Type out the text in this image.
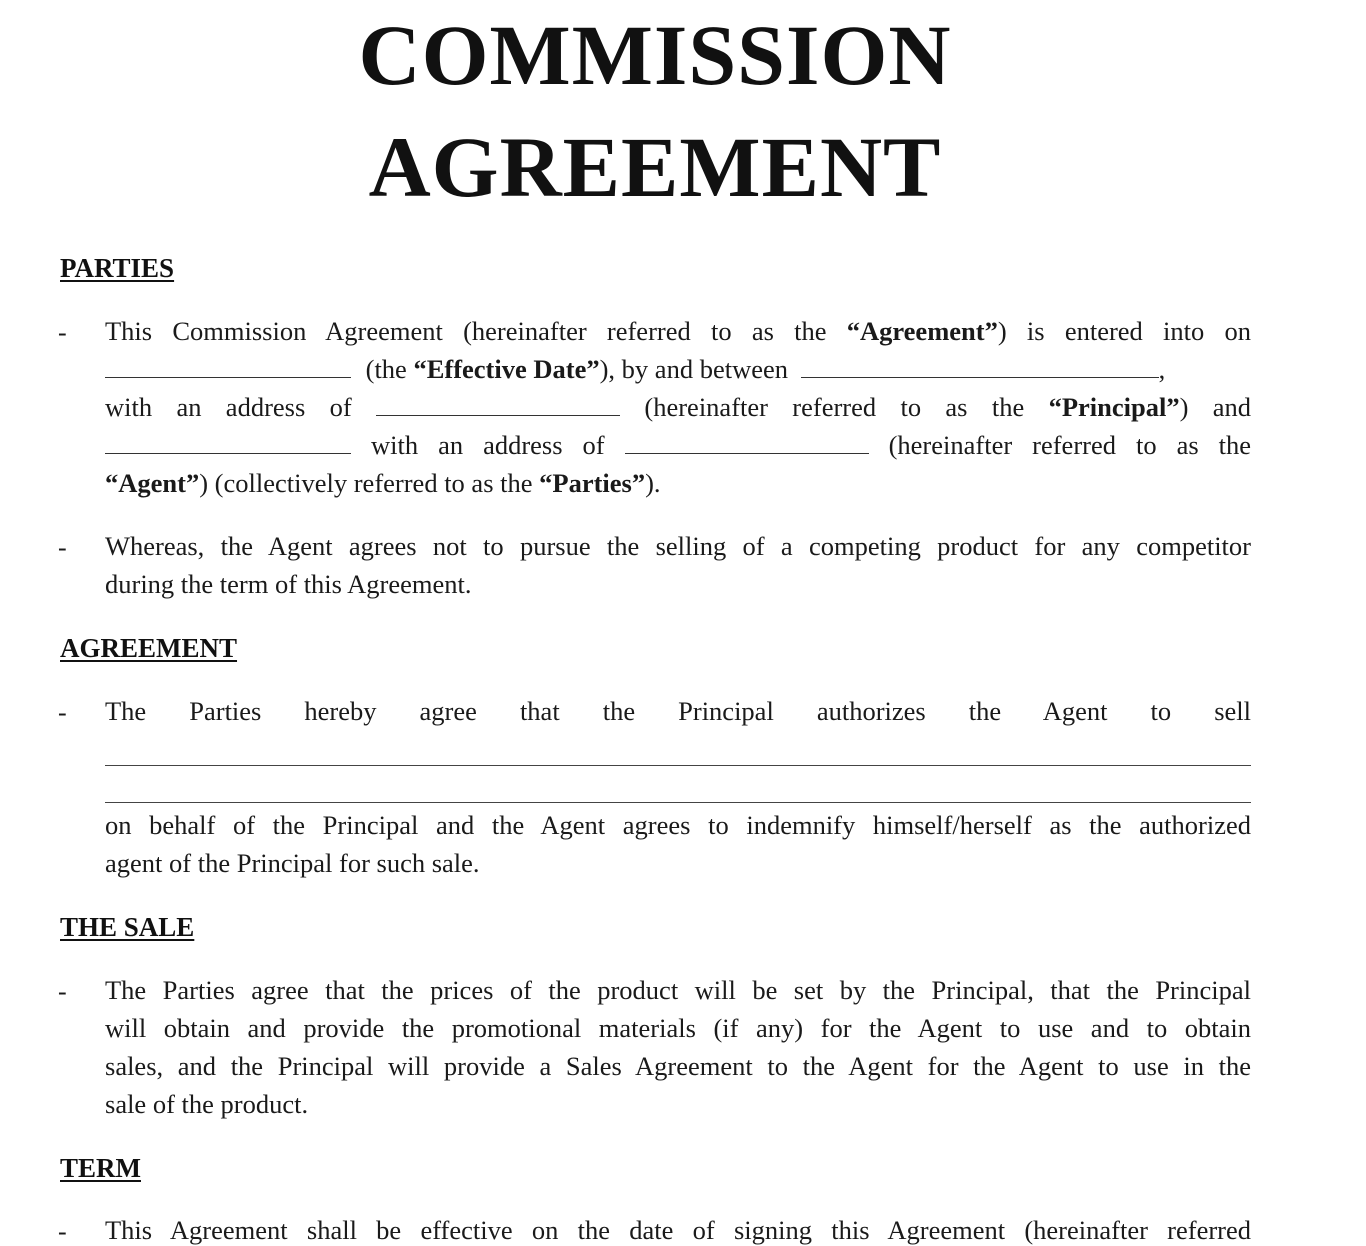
COMMISSION
AGREEMENT
PARTIES
- This Commission Agreement (hereinafter referred to as the “Agreement”) is entered into on
(the “Effective Date”), by and between	,
with an address of	(hereinafter referred to as the “Principal”) and
with an address of	(hereinafter referred to as the
“Agent”) (collectively referred to as the “Parties”).
- Whereas, the Agent agrees not to pursue the selling of a competing product for any competitor
during the term of this Agreement.
AGREEMENT
- The Parties hereby agree that the Principal authorizes the Agent to sell
on behalf of the Principal and the Agent agrees to indemnify himself/herself as the authorized
agent of the Principal for such sale.
THE SALE
- The Parties agree that the prices of the product will be set by the Principal, that the Principal
will obtain and provide the promotional materials (if any) for the Agent to use and to obtain
sales, and the Principal will provide a Sales Agreement to the Agent for the Agent to use in the
sale of the product.
TERM
- This Agreement shall be effective on the date of signing this Agreement (hereinafter referred
